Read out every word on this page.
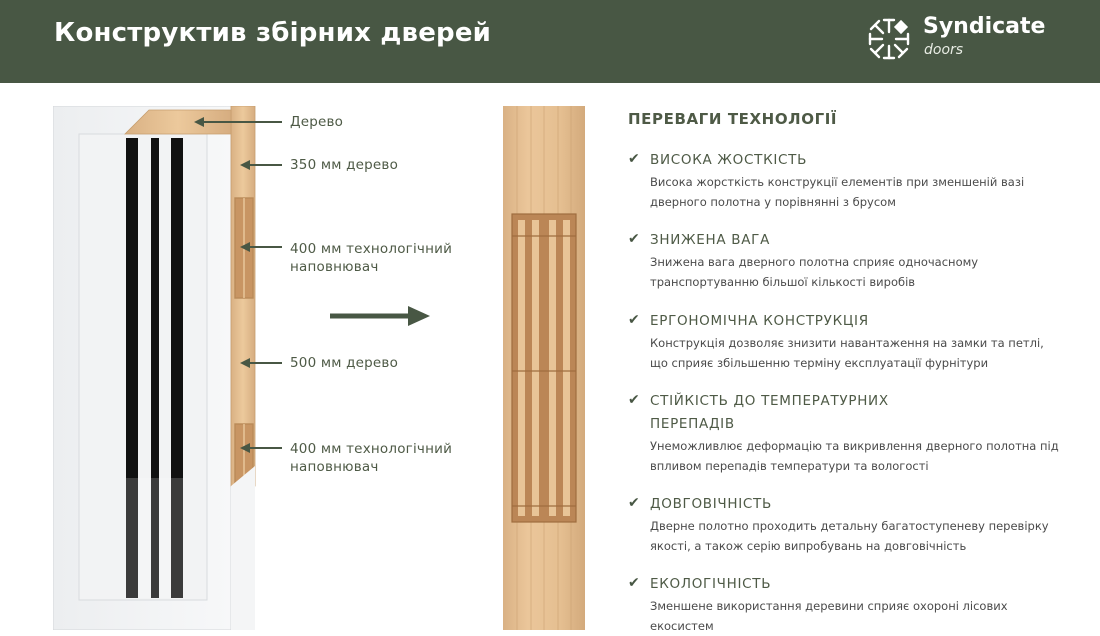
Конструктив збірних дверей	Syndicate
doors
Дерево
350 мм дерево
400 мм технологічний наповнювач
500 мм дерево
400 мм технологічний наповнювач
ПЕРЕВАГИ ТЕХНОЛОГІЇ
✔ ВИСОКА ЖОСТКІСТЬ
Висока жорсткість конструкції елементів при зменшеній вазі дверного полотна у порівнянні з брусом
✔ ЗНИЖЕНА ВАГА
Знижена вага дверного полотна сприяє одночасному транспортуванню більшої кількості виробів
✔ ЕРГОНОМІЧНА КОНСТРУКЦІЯ
Конструкція дозволяє знизити навантаження на замки та петлі, що сприяє збільшенню терміну експлуатації фурнітури
✔ СТІЙКІСТЬ ДО ТЕМПЕРАТУРНИХ ПЕРЕПАДІВ
Унеможливлює деформацію та викривлення дверного полотна під впливом перепадів температури та вологості
✔ ДОВГОВІЧНІСТЬ
Дверне полотно проходить детальну багатоступеневу перевірку якості, а також серію випробувань на довговічність
✔ ЕКОЛОГІЧНІСТЬ
Зменшене використання деревини сприяє охороні лісових екосистем
